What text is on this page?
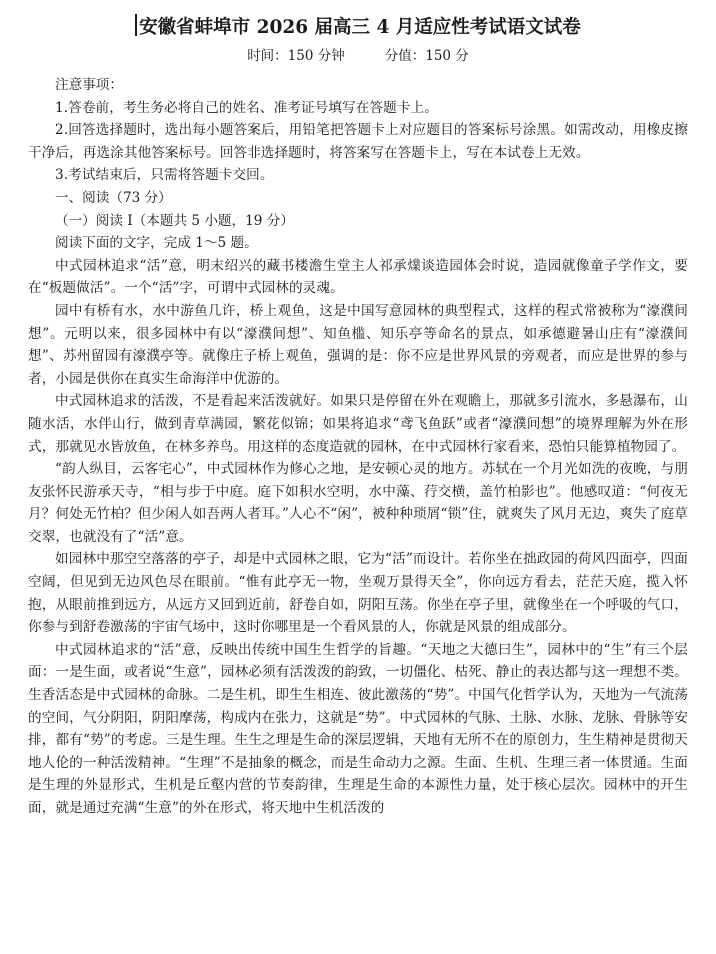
安徽省蚌埠市 2026 届高三 4 月适应性考试语文试卷
时间：150 分钟	分值：150 分

注意事项：

1.答卷前，考生务必将自己的姓名、准考证号填写在答题卡上。

2.回答选择题时，选出每小题答案后，用铅笔把答题卡上对应题目的答案标号涂黑。如需改动，用橡皮擦干净后，再选涂其他答案标号。回答非选择题时，将答案写在答题卡上，写在本试卷上无效。

3.考试结束后，只需将答题卡交回。

一、阅读（73 分）

（一）阅读 I（本题共 5 小题，19 分）

阅读下面的文字，完成 1～5 题。

中式园林追求“活”意，明末绍兴的藏书楼澹生堂主人祁承㸁谈造园体会时说，造园就像童子学作文，要在“板题做活”。一个“活”字，可谓中式园林的灵魂。

园中有桥有水，水中游鱼几许，桥上观鱼，这是中国写意园林的典型程式，这样的程式常被称为“濠濮间想”。元明以来，很多园林中有以“濠濮间想”、知鱼槛、知乐亭等命名的景点，如承德避暑山庄有“濠濮间想”、苏州留园有濠濮亭等。就像庄子桥上观鱼，强调的是：你不应是世界风景的旁观者，而应是世界的参与者，小园是供你在真实生命海洋中优游的。

中式园林追求的活泼，不是看起来活泼就好。如果只是停留在外在观瞻上，那就多引流水，多悬瀑布，山随水活，水伴山行，做到青草满园，繁花似锦；如果将追求“鸢飞鱼跃”或者“濠濮间想”的境界理解为外在形式，那就见水皆放鱼，在林多养鸟。用这样的态度造就的园林，在中式园林行家看来，恐怕只能算植物园了。

“韵人纵目，云客宅心”，中式园林作为修心之地，是安顿心灵的地方。苏轼在一个月光如洗的夜晚，与朋友张怀民游承天寺，“相与步于中庭。庭下如积水空明，水中藻、荇交横，盖竹柏影也”。他感叹道：“何夜无月？何处无竹柏？但少闲人如吾两人者耳。”人心不“闲”，被种种琐屑“锁”住，就爽失了风月无边，爽失了庭草交翠，也就没有了“活”意。

如园林中那空空落落的亭子，却是中式园林之眼，它为“活”而设计。若你坐在拙政园的荷风四面亭，四面空阔，但见到无边风色尽在眼前。“惟有此亭无一物，坐观万景得天全”，你向远方看去，茫茫天庭，揽入怀抱，从眼前推到远方，从远方又回到近前，舒卷自如，阴阳互荡。你坐在亭子里，就像坐在一个呼吸的气口，你参与到舒卷激荡的宇宙气场中，这时你哪里是一个看风景的人，你就是风景的组成部分。

中式园林追求的“活”意，反映出传统中国生生哲学的旨趣。“天地之大德曰生”，园林中的“生”有三个层面：一是生面，或者说“生意”，园林必须有活泼泼的韵致，一切僵化、枯死、静止的表达都与这一理想不类。生香活态是中式园林的命脉。二是生机，即生生相连、彼此激荡的“势”。中国气化哲学认为，天地为一气流荡的空间，气分阴阳，阴阳摩荡，构成内在张力，这就是“势”。中式园林的气脉、土脉、水脉、龙脉、骨脉等安排，都有“势”的考虑。三是生理。生生之理是生命的深层逻辑，天地有无所不在的原创力，生生精神是贯彻天地人伦的一种活泼精神。“生理”不是抽象的概念，而是生命动力之源。生面、生机、生理三者一体贯通。生面是生理的外显形式，生机是丘壑内营的节奏韵律，生理是生命的本源性力量，处于核心层次。园林中的开生面，就是通过充满“生意”的外在形式，将天地中生机活泼的
